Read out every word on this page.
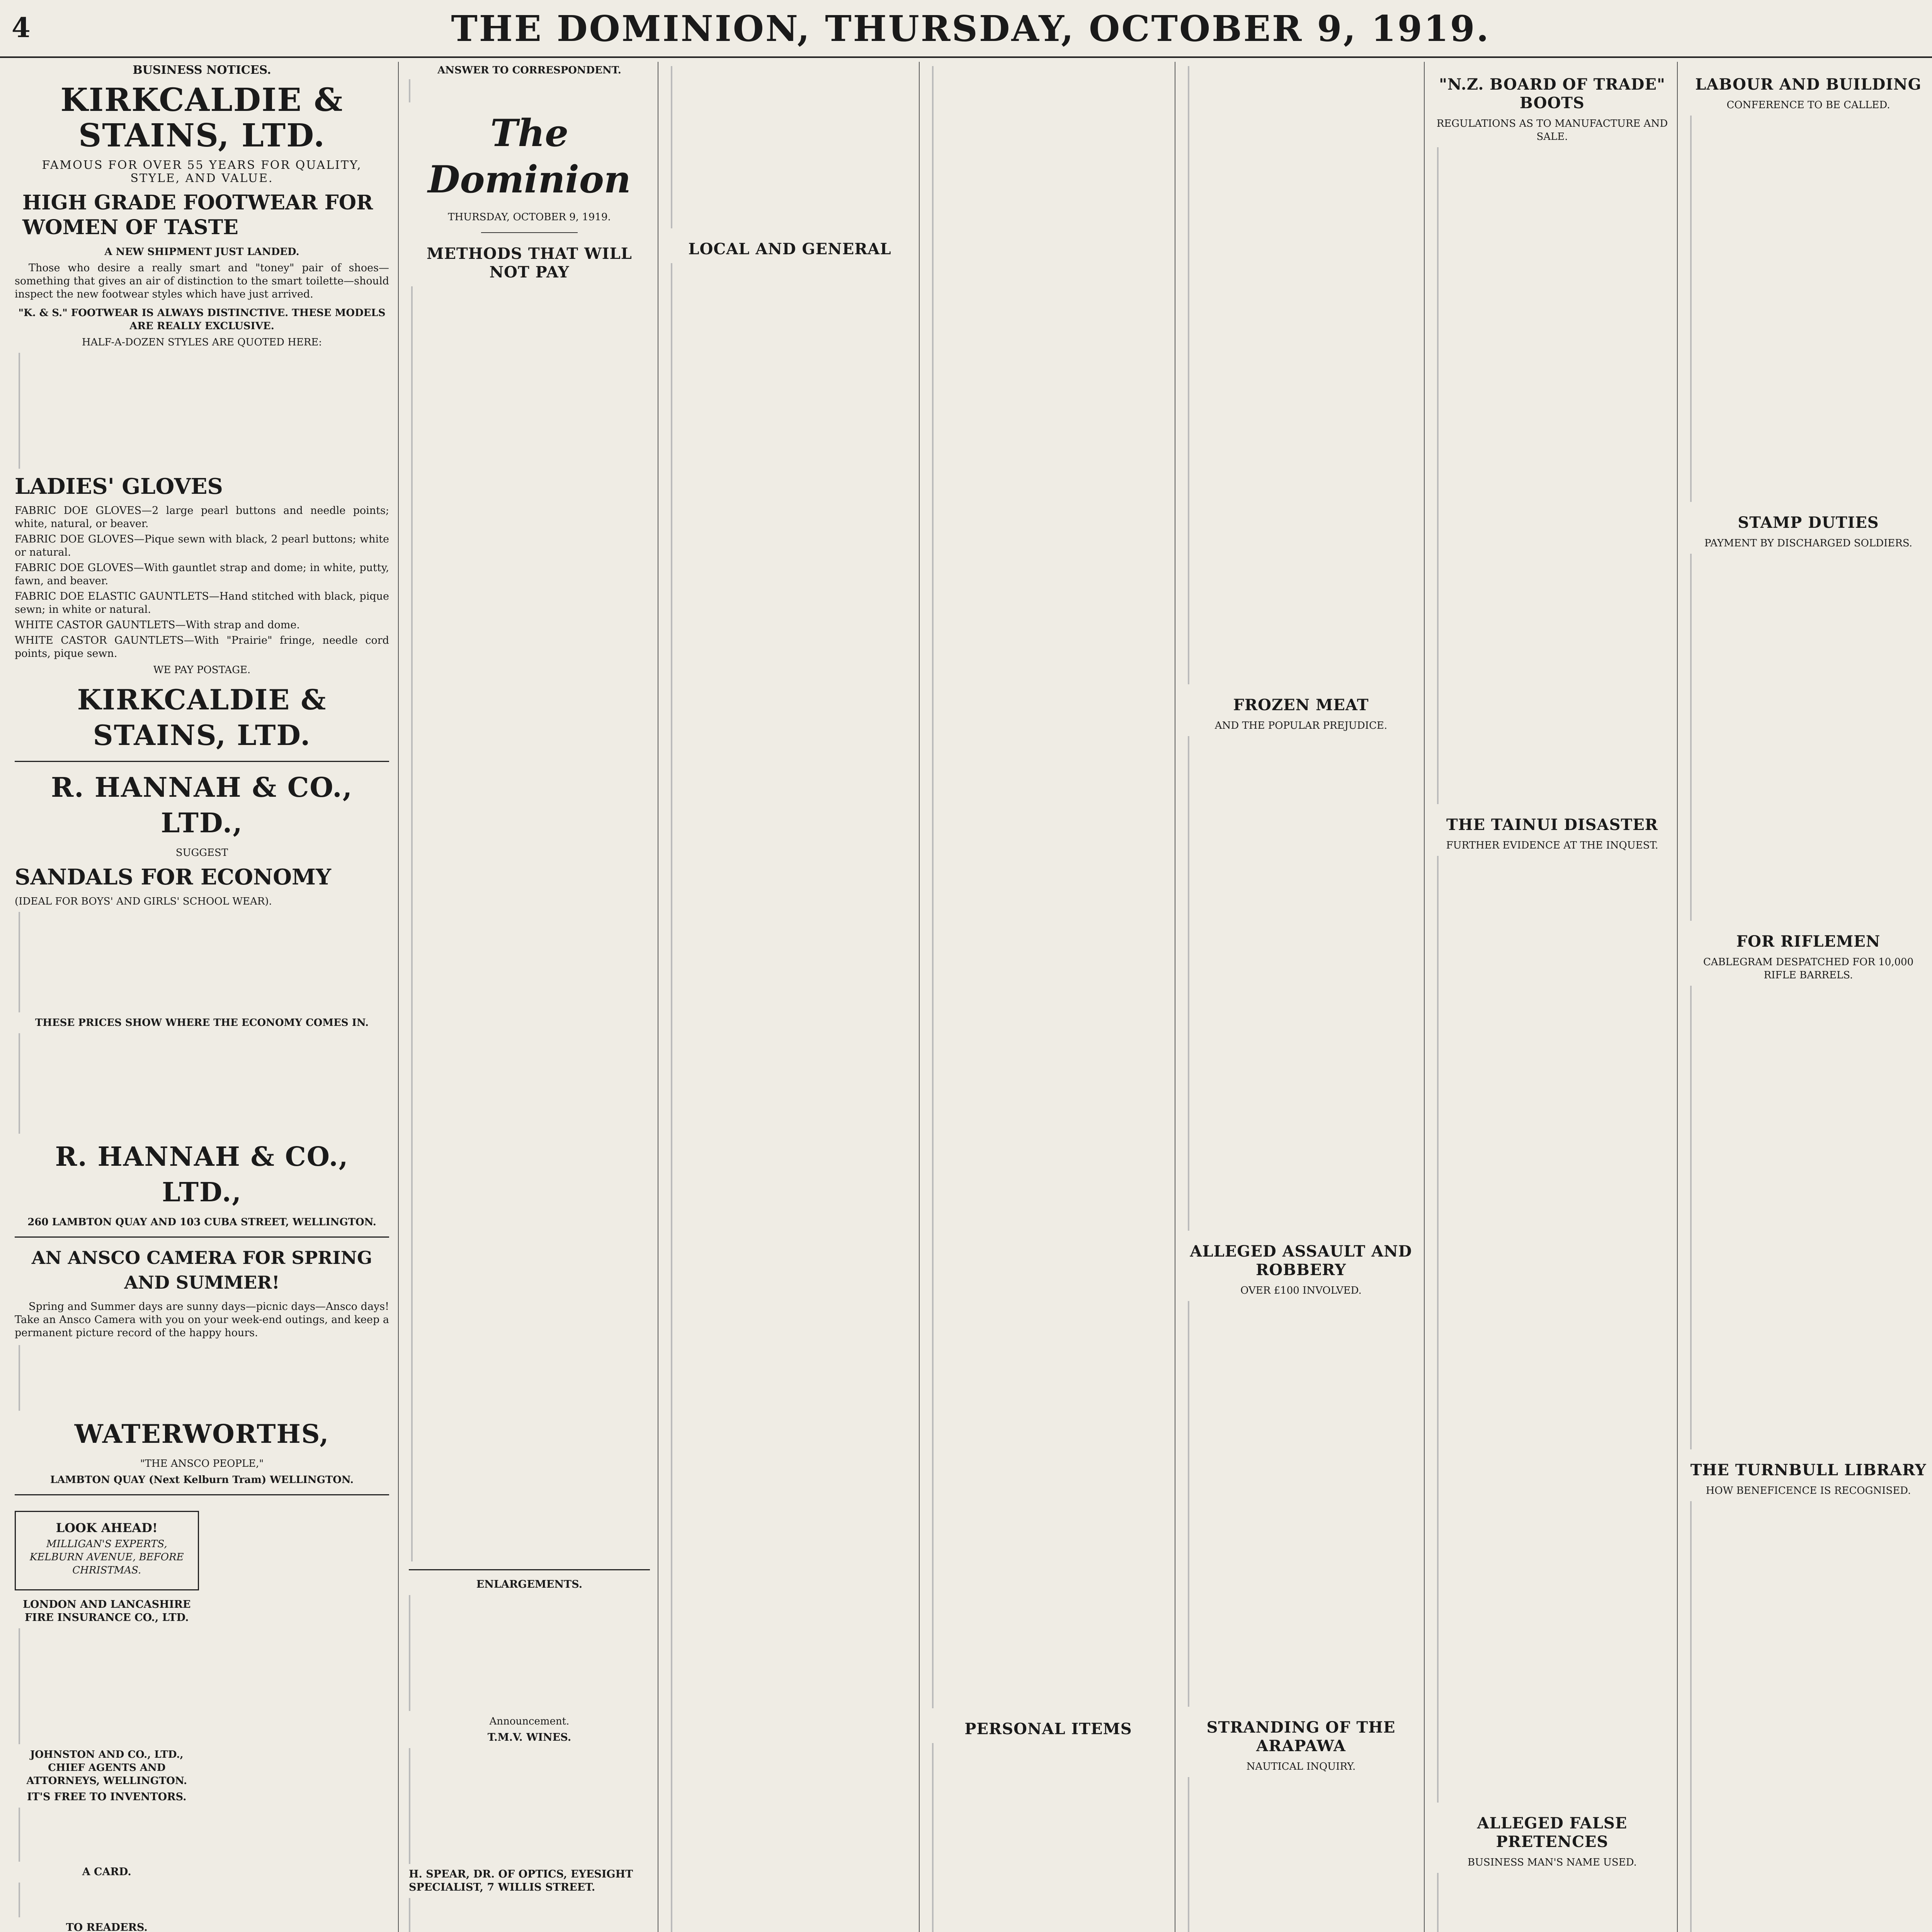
4	THE DOMINION, THURSDAY, OCTOBER 9, 1919.
BUSINESS NOTICES.
KIRKCALDIE & STAINS, LTD.
FAMOUS FOR OVER 55 YEARS FOR QUALITY, STYLE, AND VALUE.
HIGH GRADE FOOTWEAR FOR WOMEN OF TASTE
A NEW SHIPMENT JUST LANDED.

Those who desire a really smart and "toney" pair of shoes—something that gives an air of distinction to the smart toilette—should inspect the new footwear styles which have just arrived.

"K. & S." FOOTWEAR IS ALWAYS DISTINCTIVE. THESE MODELS ARE REALLY EXCLUSIVE.
HALF-A-DOZEN STYLES ARE QUOTED HERE:
LADIES' GLOVES

FABRIC DOE GLOVES—2 large pearl buttons and needle points; white, natural, or beaver.

FABRIC DOE GLOVES—Pique sewn with black, 2 pearl buttons; white or natural.

FABRIC DOE GLOVES—With gauntlet strap and dome; in white, putty, fawn, and beaver.

FABRIC DOE ELASTIC GAUNTLETS—Hand stitched with black, pique sewn; in white or natural.

WHITE CASTOR GAUNTLETS—With strap and dome.

WHITE CASTOR GAUNTLETS—With "Prairie" fringe, needle cord points, pique sewn.

WE PAY POSTAGE.
KIRKCALDIE & STAINS, LTD.
R. HANNAH & CO., LTD.,
SUGGEST
SANDALS FOR ECONOMY
(IDEAL FOR BOYS' AND GIRLS' SCHOOL WEAR).
THESE PRICES SHOW WHERE THE ECONOMY COMES IN.
R. HANNAH & CO., LTD.,
260 LAMBTON QUAY AND 103 CUBA STREET, WELLINGTON.
AN ANSCO CAMERA FOR SPRING AND SUMMER!

Spring and Summer days are sunny days—picnic days—Ansco days! Take an Ansco Camera with you on your week-end outings, and keep a permanent picture record of the happy hours.

WATERWORTHS,
"THE ANSCO PEOPLE,"
LAMBTON QUAY (Next Kelburn Tram) WELLINGTON.
LOOK AHEAD!
MILLIGAN'S EXPERTS, KELBURN AVENUE, BEFORE CHRISTMAS.
LONDON AND LANCASHIRE FIRE INSURANCE CO., LTD.
JOHNSTON AND CO., LTD., CHIEF AGENTS AND ATTORNEYS, WELLINGTON.
IT'S FREE TO INVENTORS.
A CARD.
TO READERS.
ANSWER TO CORRESPONDENT.
The Dominion
THURSDAY, OCTOBER 9, 1919.
METHODS THAT WILL NOT PAY
ENLARGEMENTS.
Announcement.
T.M.V. WINES.
H. SPEAR, DR. OF OPTICS, EYESIGHT SPECIALIST, 7 WILLIS STREET.
LOCAL AND GENERAL
PERSONAL ITEMS
FROZEN MEAT
AND THE POPULAR PREJUDICE.
ALLEGED ASSAULT AND ROBBERY
OVER £100 INVOLVED.
STRANDING OF THE ARAPAWA
NAUTICAL INQUIRY.
"N.Z. BOARD OF TRADE" BOOTS
REGULATIONS AS TO MANUFACTURE AND SALE.
THE TAINUI DISASTER
FURTHER EVIDENCE AT THE INQUEST.
ALLEGED FALSE PRETENCES
BUSINESS MAN'S NAME USED.
LABOUR AND BUILDING
CONFERENCE TO BE CALLED.
STAMP DUTIES
PAYMENT BY DISCHARGED SOLDIERS.
FOR RIFLEMEN
CABLEGRAM DESPATCHED FOR 10,000 RIFLE BARRELS.
THE TURNBULL LIBRARY
HOW BENEFICENCE IS RECOGNISED.
